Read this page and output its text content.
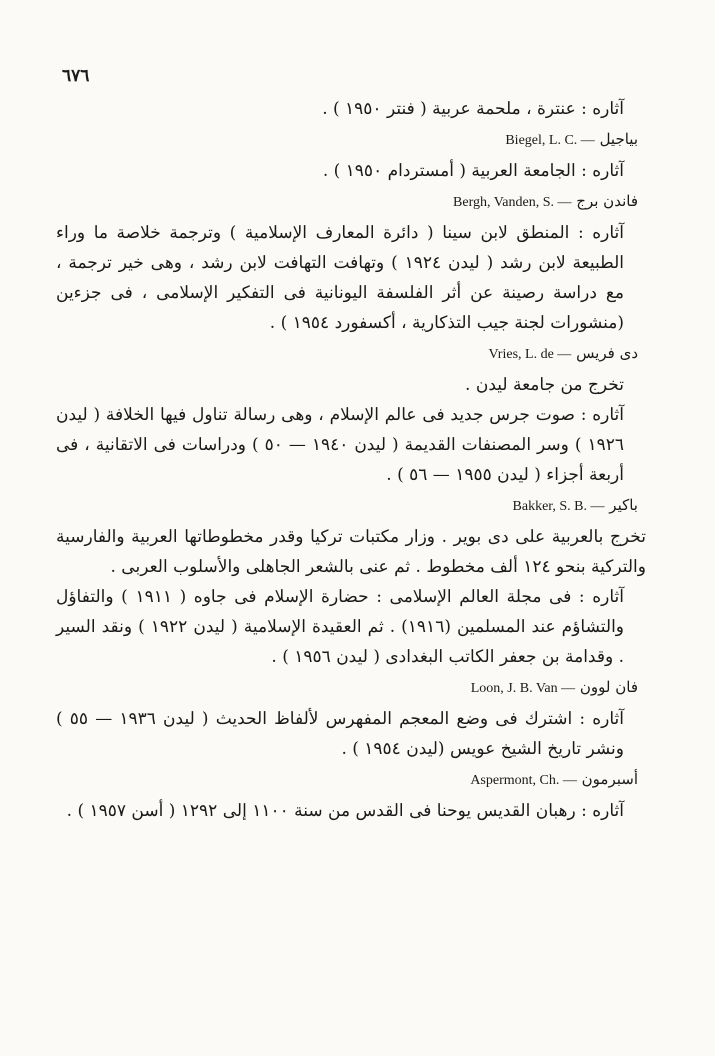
٦٧٦
آثاره : عنترة ، ملحمة عربية ( فنتر ١٩٥٠ ) .
بياجيل Biegel, L. C. —
آثاره : الجامعة العربية ( أمستردام ١٩٥٠ ) .
فاندن برج Bergh, Vanden, S. —
آثاره : المنطق لابن سينا ( دائرة المعارف الإسلامية ) وترجمة خلاصة ما وراء الطبيعة لابن رشد ( ليدن ١٩٢٤ ) وتهافت التهافت لابن رشد ، وهى خير ترجمة ، مع دراسة رصينة عن أثر الفلسفة اليونانية فى التفكير الإسلامى ، فى جزءين (منشورات لجنة جيب التذكارية ، أكسفورد ١٩٥٤ ) .
دى فريس Vries, L. de —
تخرج من جامعة ليدن .
آثاره : صوت جرس جديد فى عالم الإسلام ، وهى رسالة تناول فيها الخلافة ( ليدن ١٩٢٦ ) وسر المصنفات القديمة ( ليدن ١٩٤٠ — ٥٠ ) ودراسات فى الاتقانية ، فى أربعة أجزاء ( ليدن ١٩٥٥ — ٥٦ ) .
باكير Bakker, S. B. —
تخرج بالعربية على دى بوير . وزار مكتبات تركيا وقدر مخطوطاتها العربية والفارسية والتركية بنحو ١٢٤ ألف مخطوط . ثم عنى بالشعر الجاهلى والأسلوب العربى .
آثاره : فى مجلة العالم الإسلامى : حضارة الإسلام فى جاوه ( ١٩١١ ) والتفاؤل والتشاؤم عند المسلمين (١٩١٦) . ثم العقيدة الإسلامية ( ليدن ١٩٢٢ ) ونقد السير . وقدامة بن جعفر الكاتب البغدادى ( ليدن ١٩٥٦ ) .
فان لوون Loon, J. B. Van —
آثاره : اشترك فى وضع المعجم المفهرس لألفاظ الحديث ( ليدن ١٩٣٦ — ٥٥ ) ونشر تاريخ الشيخ عويس (ليدن ١٩٥٤ ) .
أسبرمون Aspermont, Ch. —
آثاره : رهبان القديس يوحنا فى القدس من سنة ١١٠٠ إلى ١٢٩٢ ( أسن ١٩٥٧ ) .
